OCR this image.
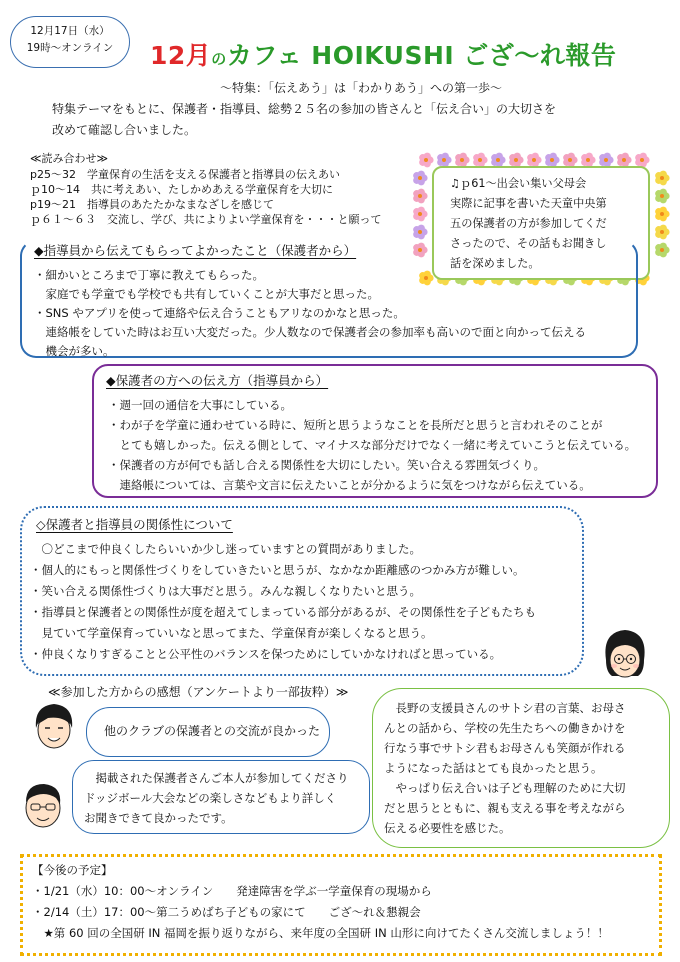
12月17日（水）
19時～オンライン	12月のカフェ HOIKUSHI ござ～れ報告
～特集：「伝えあう」は「わかりあう」への第一歩～
特集テーマをもとに、保護者・指導員、総勢２５名の参加の皆さんと「伝え合い」の大切さを
改めて確認し合いました。
≪読み合わせ≫
p25～32　学童保育の生活を支える保護者と指導員の伝えあい
ｐ10～14　共に考えあい、たしかめあえる学童保育を大切に
p19～21　指導員のあたたかなまなざしを感じて
ｐ６１～６３　交流し、学び、共によりよい学童保育を・・・と願って
♫ｐ61～出会い集い父母会
実際に記事を書いた天童中央第
五の保護者の方が参加してくだ
さったので、その話もお聞きし
話を深めました。
◆指導員から伝えてもらってよかったこと（保護者から）
・細かいところまで丁寧に教えてもらった。
　家庭でも学童でも学校でも共有していくことが大事だと思った。
・SNS やアプリを使って連絡や伝え合うこともアリなのかなと思った。
　連絡帳をしていた時はお互い大変だった。少人数なので保護者会の参加率も高いので面と向かって伝える
　機会が多い。
◆保護者の方への伝え方（指導員から）
・週一回の通信を大事にしている。
・わが子を学童に通わせている時に、短所と思うようなことを長所だと思うと言われそのことが
　とても嬉しかった。伝える側として、マイナスな部分だけでなく一緒に考えていこうと伝えている。
・保護者の方が何でも話し合える関係性を大切にしたい。笑い合える雰囲気づくり。
　連絡帳については、言葉や文言に伝えたいことが分かるように気をつけながら伝えている。
◇保護者と指導員の関係性について
　〇どこまで仲良くしたらいいか少し迷っていますとの質問がありました。
・個人的にもっと関係性づくりをしていきたいと思うが、なかなか距離感のつかみ方が難しい。
・笑い合える関係性づくりは大事だと思う。みんな親しくなりたいと思う。
・指導員と保護者との関係性が度を超えてしまっている部分があるが、その関係性を子どもたちも
　見ていて学童保育っていいなと思ってまた、学童保育が楽しくなると思う。
・仲良くなりすぎることと公平性のバランスを保つためにしていかなければと思っている。
≪参加した方からの感想（アンケートより一部抜粋）≫
他のクラブの保護者との交流が良かった
　掲載された保護者さんご本人が参加してくださり
ドッジボール大会などの楽しさなどもより詳しく
お聞きできて良かったです。
　長野の支援員さんのサトシ君の言葉、お母さ
んとの話から、学校の先生たちへの働きかけを
行なう事でサトシ君もお母さんも笑顔が作れる
ようになった話はとても良かったと思う。
　やっぱり伝え合いは子ども理解のために大切
だと思うとともに、親も支える事を考えながら
伝える必要性を感じた。
【今後の予定】
・1/21（水）10：00～オンライン　　発達障害を学ぶ一学童保育の現場から
・2/14（土）17：00～第二うめばち子どもの家にて　　ござ～れ＆懇親会
　★第 60 回の全国研 IN 福岡を振り返りながら、来年度の全国研 IN 山形に向けてたくさん交流しましょう！！
